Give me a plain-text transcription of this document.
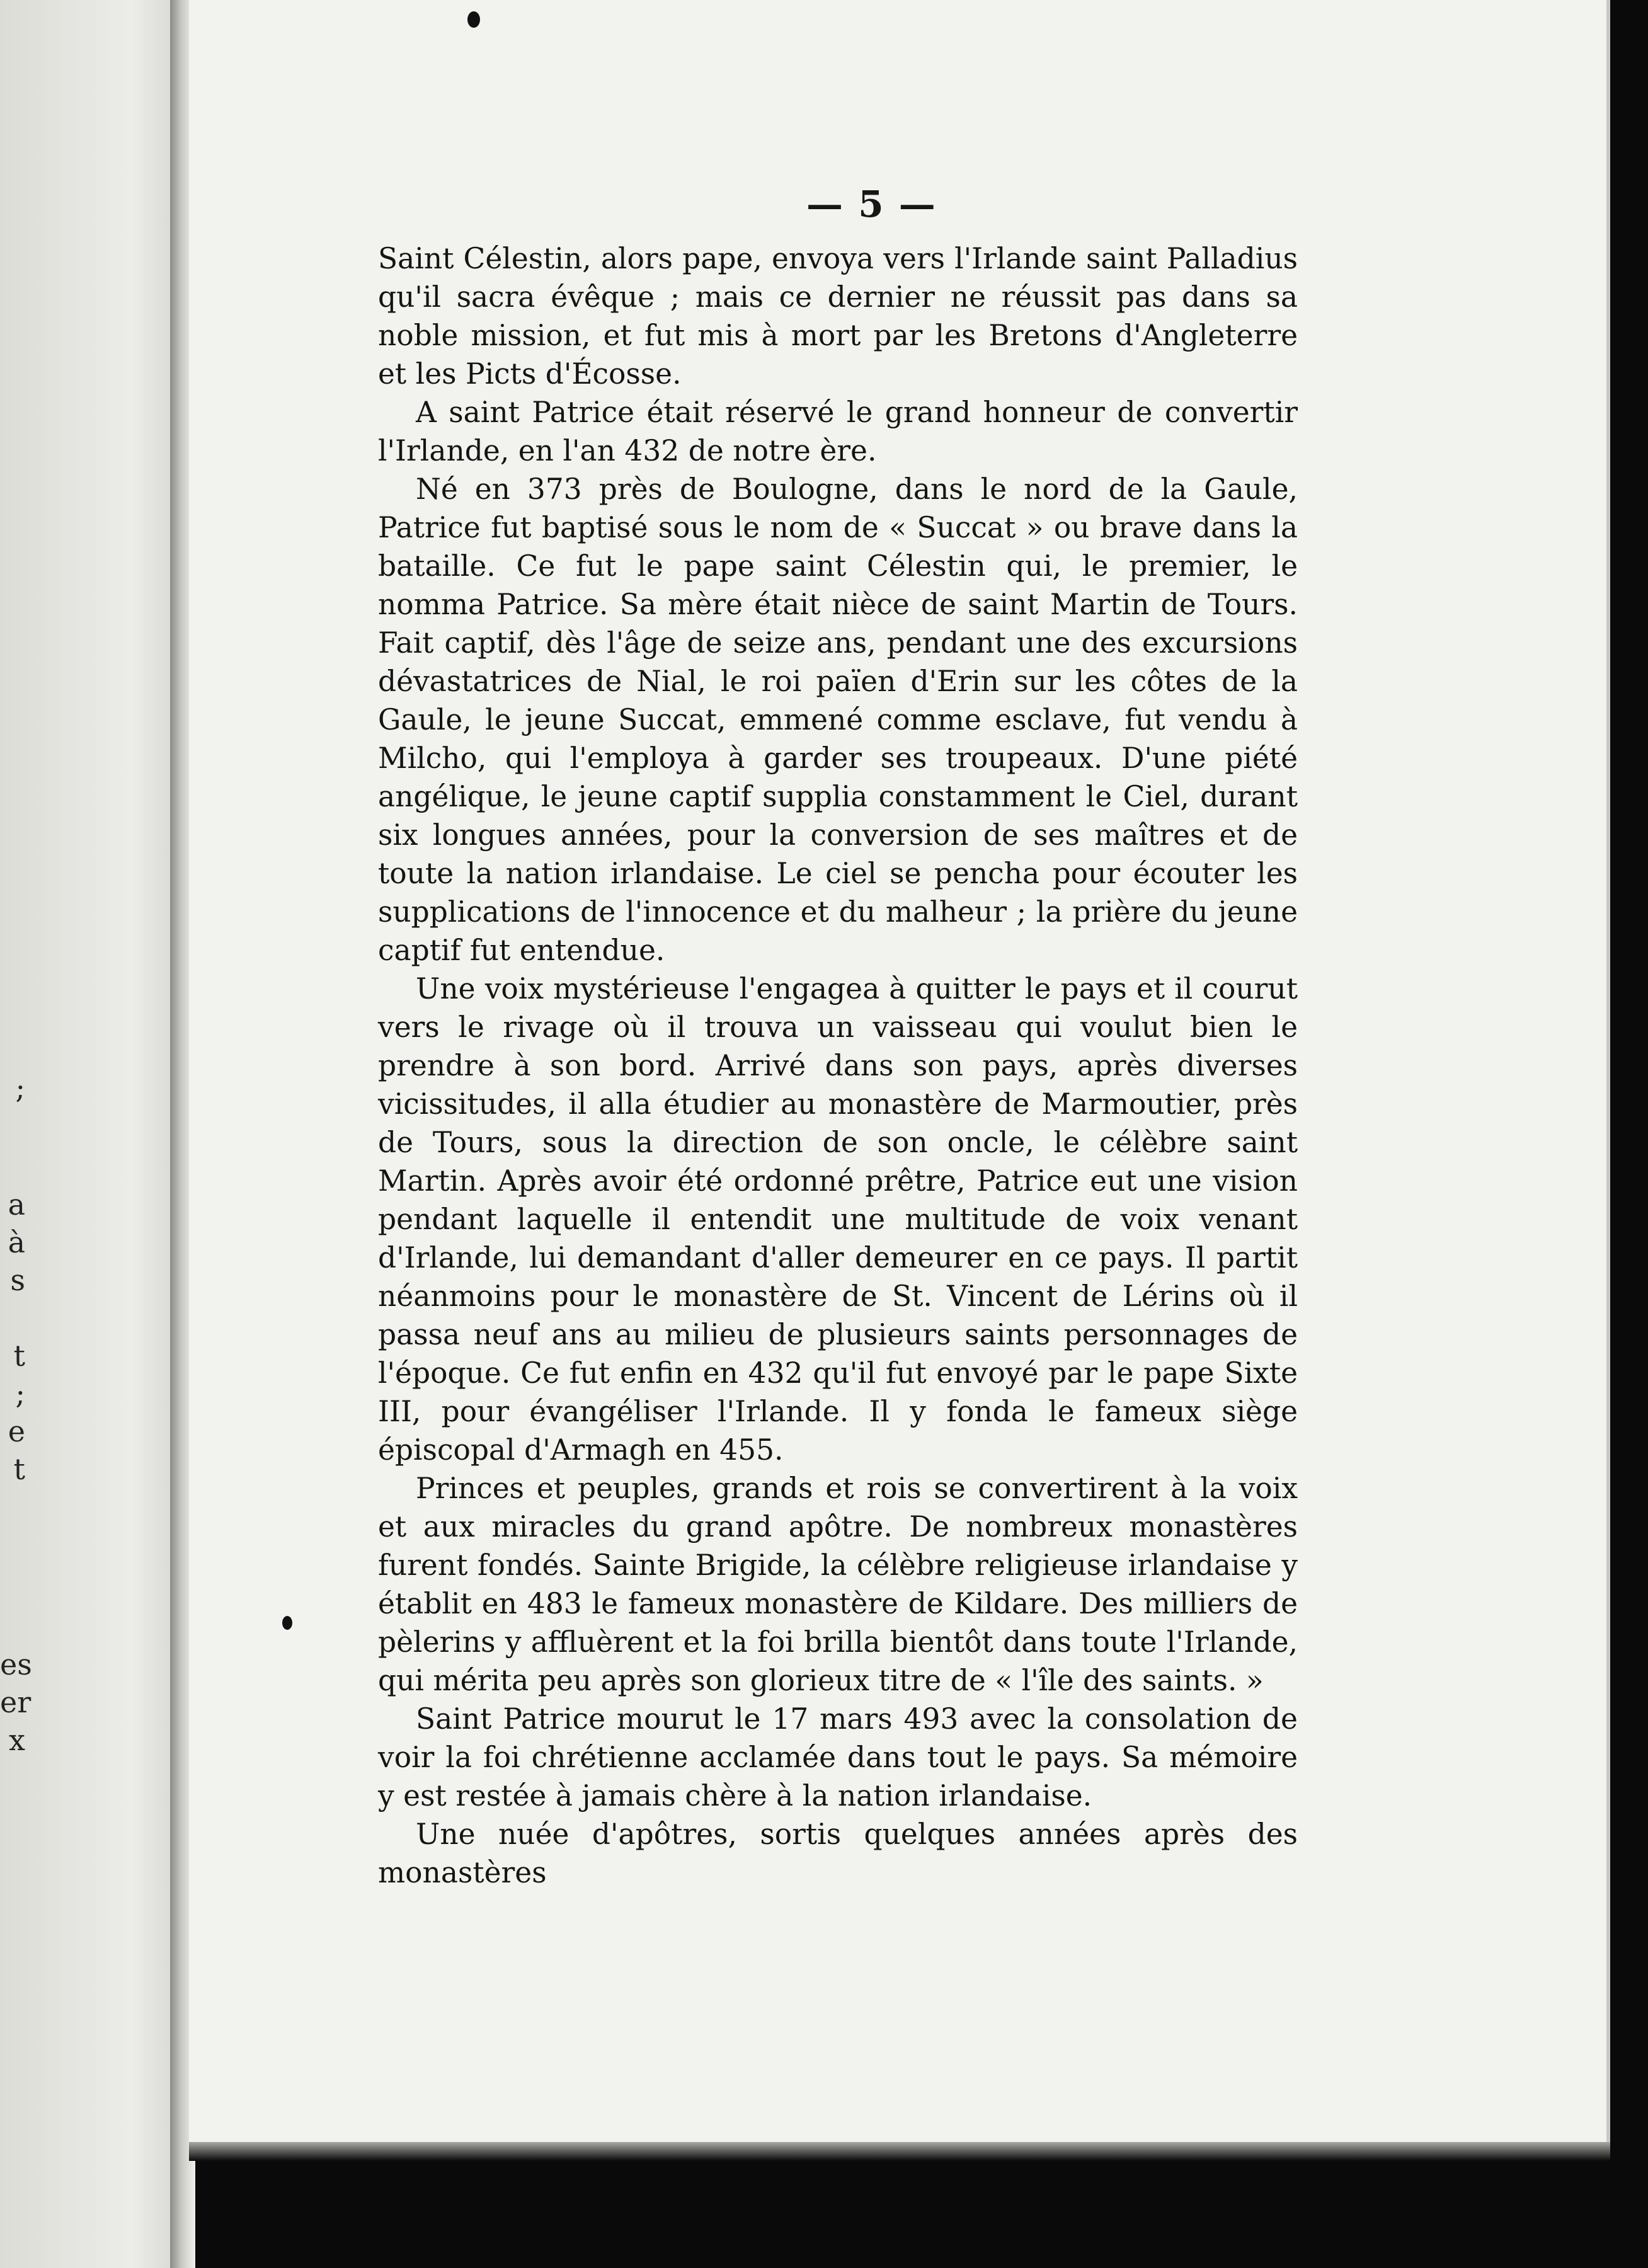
;
a
à
s
t
;
e
t
es
er
x
— 5 —

Saint Célestin, alors pape, envoya vers l'Irlande saint Palladius qu'il sacra évêque ; mais ce dernier ne réussit pas dans sa noble mission, et fut mis à mort par les Bretons d'Angleterre et les Picts d'Écosse.

A saint Patrice était réservé le grand honneur de convertir l'Irlande, en l'an 432 de notre ère.

Né en 373 près de Boulogne, dans le nord de la Gaule, Patrice fut baptisé sous le nom de « Succat » ou brave dans la bataille. Ce fut le pape saint Célestin qui, le premier, le nomma Patrice. Sa mère était nièce de saint Martin de Tours. Fait captif, dès l'âge de seize ans, pendant une des excursions dévastatrices de Nial, le roi païen d'Erin sur les côtes de la Gaule, le jeune Succat, emmené comme esclave, fut vendu à Milcho, qui l'employa à garder ses troupeaux. D'une piété angélique, le jeune captif supplia constamment le Ciel, durant six longues années, pour la conversion de ses maîtres et de toute la nation irlandaise. Le ciel se pencha pour écouter les supplications de l'innocence et du malheur ; la prière du jeune captif fut entendue.

Une voix mystérieuse l'engagea à quitter le pays et il courut vers le rivage où il trouva un vaisseau qui voulut bien le prendre à son bord. Arrivé dans son pays, après diverses vicissitudes, il alla étudier au monastère de Marmoutier, près de Tours, sous la direction de son oncle, le célèbre saint Martin. Après avoir été ordonné prêtre, Patrice eut une vision pendant laquelle il entendit une multitude de voix venant d'Irlande, lui demandant d'aller demeurer en ce pays. Il partit néanmoins pour le monastère de St. Vincent de Lérins où il passa neuf ans au milieu de plusieurs saints personnages de l'époque. Ce fut enfin en 432 qu'il fut envoyé par le pape Sixte III, pour évangéliser l'Irlande. Il y fonda le fameux siège épiscopal d'Armagh en 455.

Princes et peuples, grands et rois se convertirent à la voix et aux miracles du grand apôtre. De nombreux monastères furent fondés. Sainte Brigide, la célèbre religieuse irlandaise y établit en 483 le fameux monastère de Kildare. Des milliers de pèlerins y affluèrent et la foi brilla bientôt dans toute l'Irlande, qui mérita peu après son glorieux titre de « l'île des saints. »

Saint Patrice mourut le 17 mars 493 avec la consolation de voir la foi chrétienne acclamée dans tout le pays. Sa mémoire y est restée à jamais chère à la nation irlandaise.

Une nuée d'apôtres, sortis quelques années après des monastères
